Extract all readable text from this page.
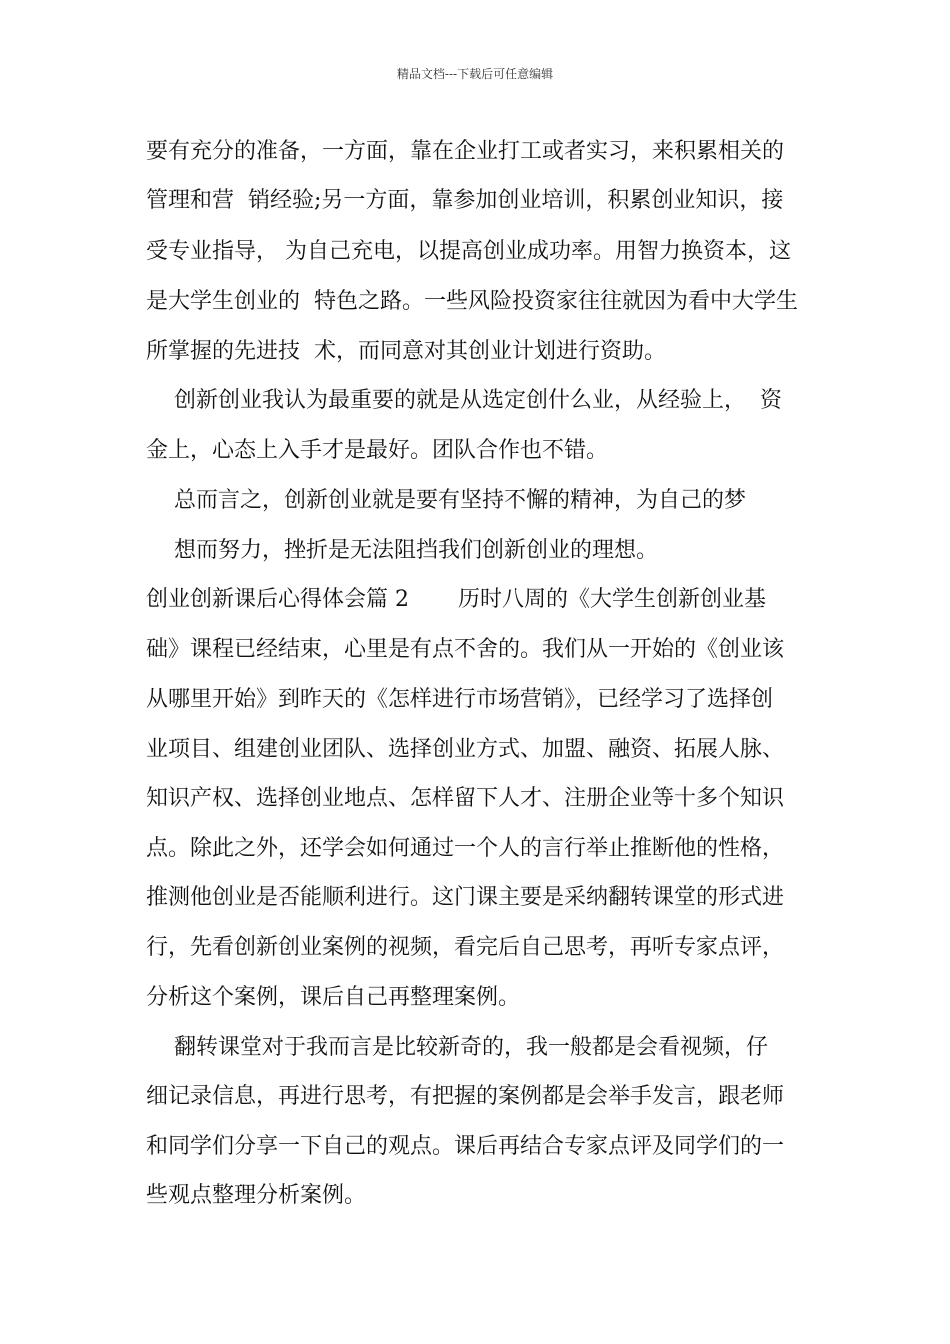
精品文档---下载后可任意编辑
要有充分的准备，一方面，靠在企业打工或者实习，来积累相关的
管理和营  销经验;另一方面，靠参加创业培训，积累创业知识，接
受专业指导， 为自己充电，以提高创业成功率。用智力换资本，这
是大学生创业的  特色之路。一些风险投资家往往就因为看中大学生
所掌握的先进技  术，而同意对其创业计划进行资助。
创新创业我认为最重要的就是从选定创什么业，从经验上，  资
金上，心态上入手才是最好。团队合作也不错。
总而言之，创新创业就是要有坚持不懈的精神，为自己的梦
想而努力，挫折是无法阻挡我们创新创业的理想。
创业创新课后心得体会篇 2       历时八周的《大学生创新创业基
础》课程已经结束，心里是有点不舍的。我们从一开始的《创业该
从哪里开始》到昨天的《怎样进行市场营销》，已经学习了选择创
业项目、组建创业团队、选择创业方式、加盟、融资、拓展人脉、
知识产权、选择创业地点、怎样留下人才、注册企业等十多个知识
点。除此之外，还学会如何通过一个人的言行举止推断他的性格，
推测他创业是否能顺利进行。这门课主要是采纳翻转课堂的形式进
行，先看创新创业案例的视频，看完后自己思考，再听专家点评，
分析这个案例，课后自己再整理案例。
翻转课堂对于我而言是比较新奇的，我一般都是会看视频，仔
细记录信息，再进行思考，有把握的案例都是会举手发言，跟老师
和同学们分享一下自己的观点。课后再结合专家点评及同学们的一
些观点整理分析案例。
